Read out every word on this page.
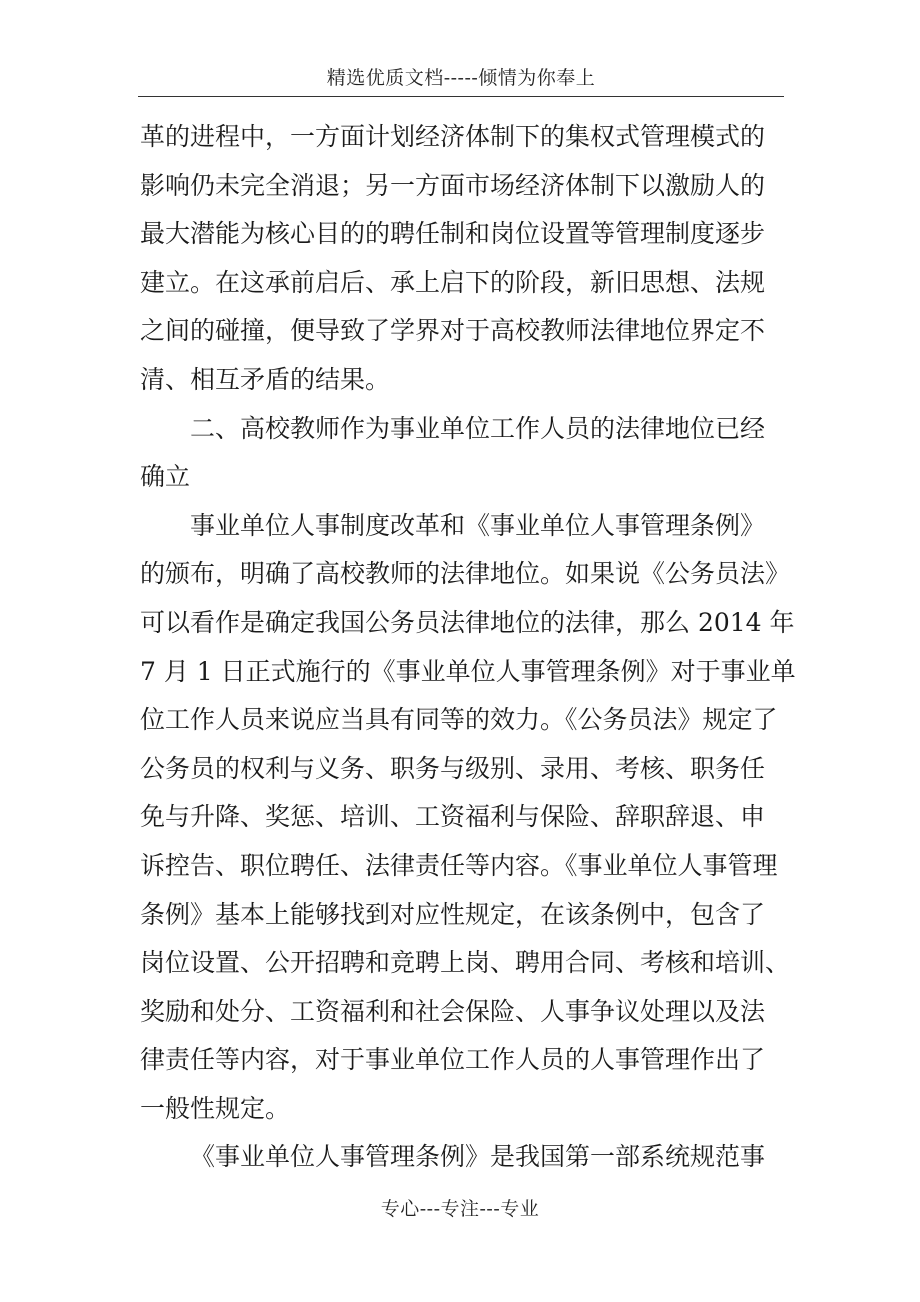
精选优质文档-----倾情为你奉上
革的进程中，一方面计划经济体制下的集权式管理模式的
影响仍未完全消退；另一方面市场经济体制下以激励人的
最大潜能为核心目的的聘任制和岗位设置等管理制度逐步
建立。在这承前启后、承上启下的阶段，新旧思想、法规
之间的碰撞，便导致了学界对于高校教师法律地位界定不
清、相互矛盾的结果。
二、高校教师作为事业单位工作人员的法律地位已经
确立
事业单位人事制度改革和《事业单位人事管理条例》
的颁布，明确了高校教师的法律地位。如果说《公务员法》
可以看作是确定我国公务员法律地位的法律，那么 2014 年
7 月 1 日正式施行的《事业单位人事管理条例》对于事业单
位工作人员来说应当具有同等的效力。《公务员法》规定了
公务员的权利与义务、职务与级别、录用、考核、职务任
免与升降、奖惩、培训、工资福利与保险、辞职辞退、申
诉控告、职位聘任、法律责任等内容。《事业单位人事管理
条例》基本上能够找到对应性规定，在该条例中，包含了
岗位设置、公开招聘和竞聘上岗、聘用合同、考核和培训、
奖励和处分、工资福利和社会保险、人事争议处理以及法
律责任等内容，对于事业单位工作人员的人事管理作出了
一般性规定。
《事业单位人事管理条例》是我国第一部系统规范事
专心---专注---专业
